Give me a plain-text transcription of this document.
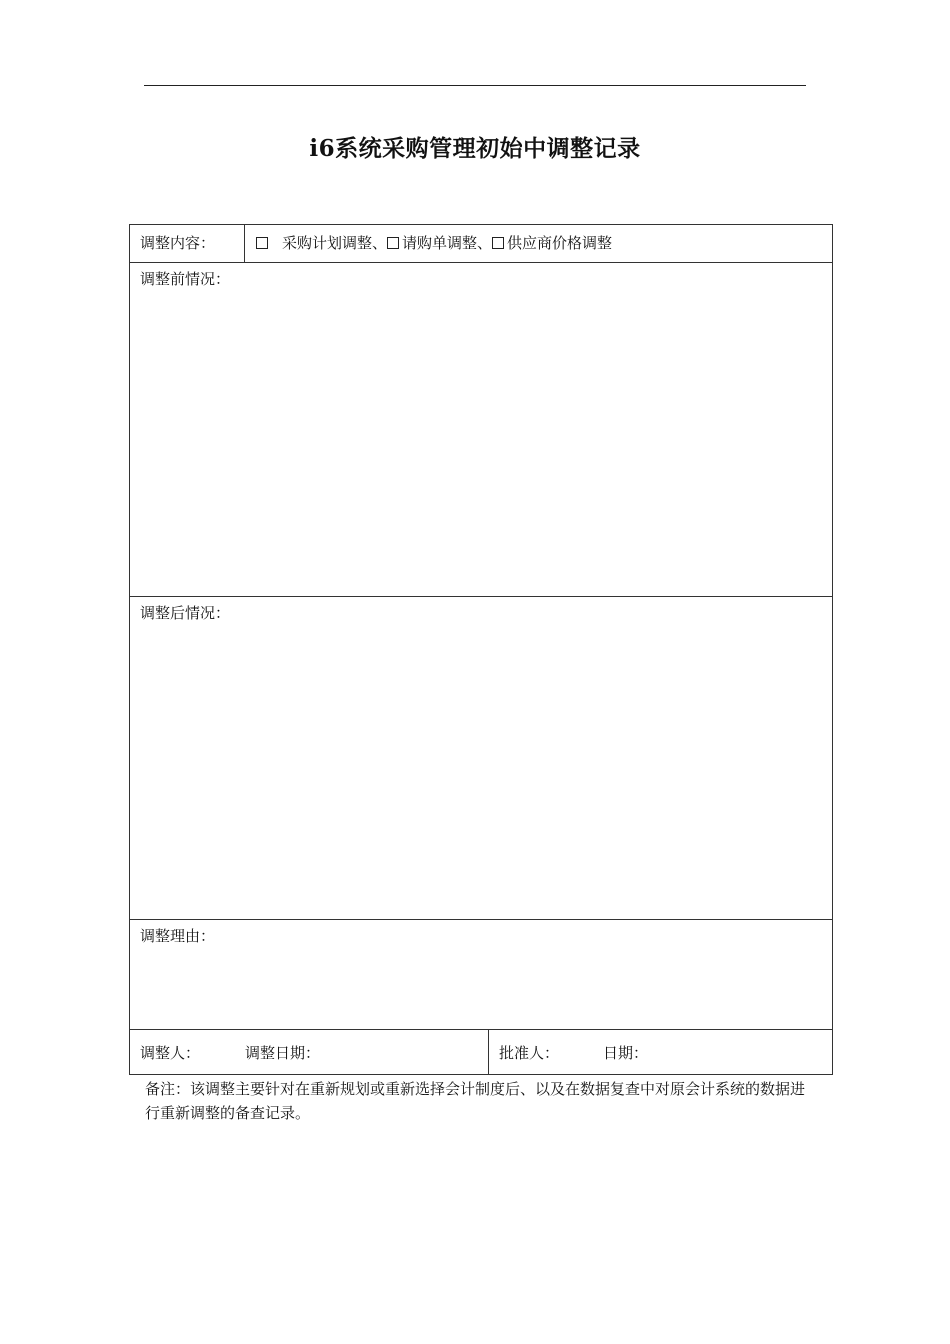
i6系统采购管理初始中调整记录
调整内容：	采购计划调整、 请购单调整、 供应商价格调整
调整前情况：
调整后情况：
调整理由：
调整人：	调整日期：	批准人：	日期：
备注：该调整主要针对在重新规划或重新选择会计制度后、以及在数据复查中对原会计系统的数据进行重新调整的备查记录。
